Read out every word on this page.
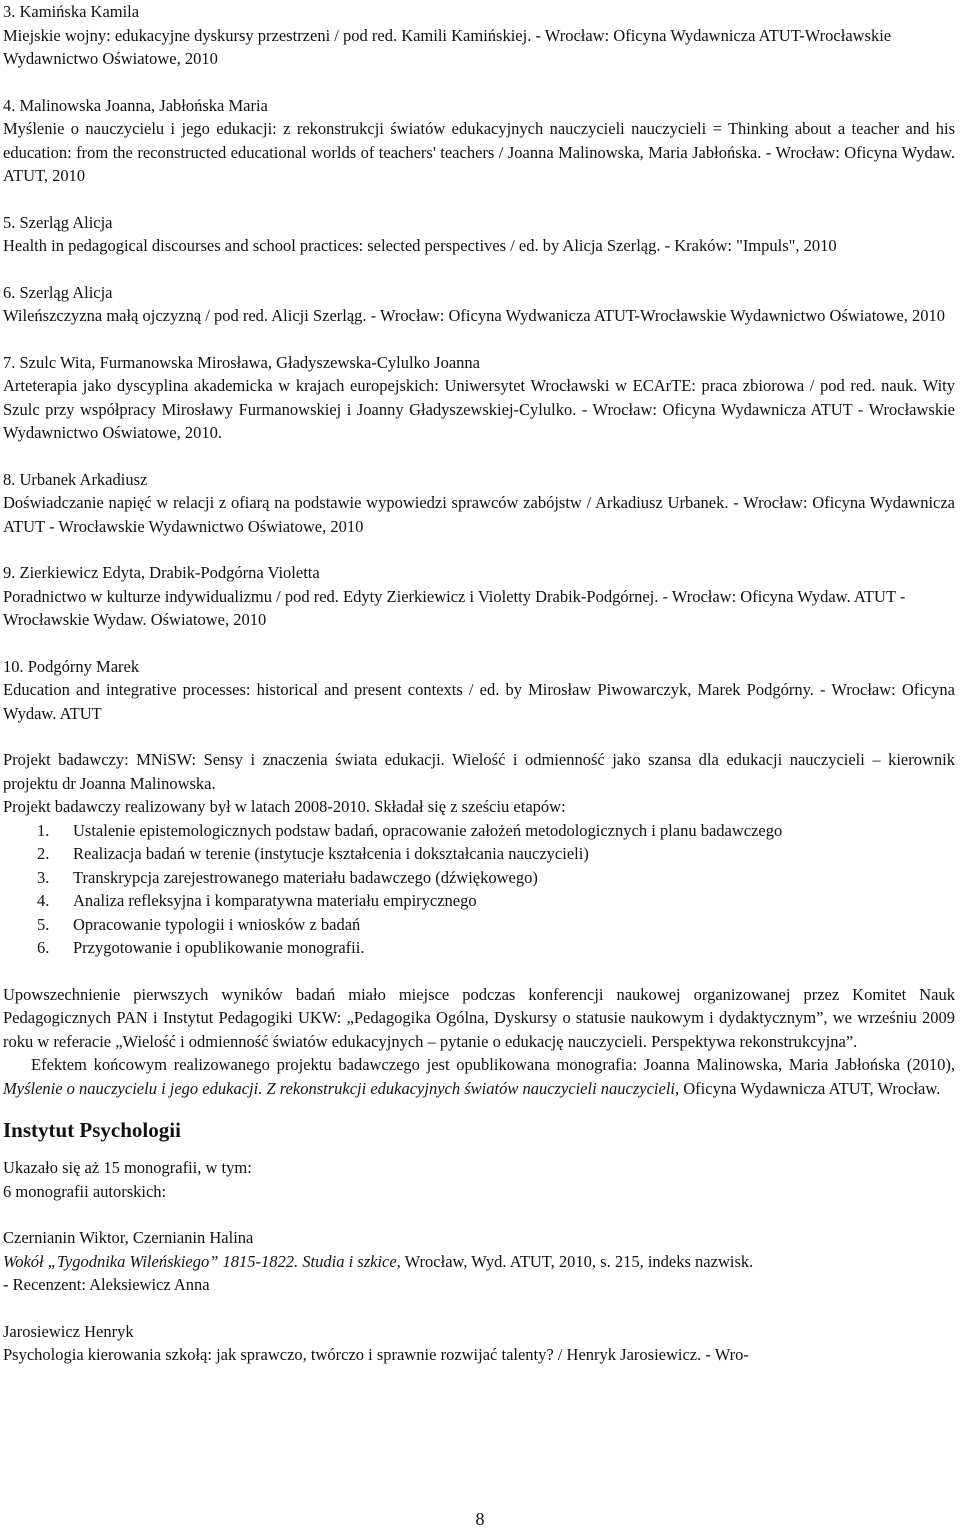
3. Kamińska Kamila

Miejskie wojny: edukacyjne dyskursy przestrzeni / pod red. Kamili Kamińskiej. - Wrocław: Oficyna Wydawnicza ATUT-Wrocławskie Wydawnictwo Oświatowe, 2010

4. Malinowska Joanna, Jabłońska Maria

Myślenie o nauczycielu i jego edukacji: z rekonstrukcji światów edukacyjnych nauczycieli nauczycieli = Thinking about a teacher and his education: from the reconstructed educational worlds of teachers' teachers / Joanna Malinowska, Maria Jabłońska. - Wrocław: Oficyna Wydaw. ATUT, 2010

5. Szerląg Alicja

Health in pedagogical discourses and school practices: selected perspectives / ed. by Alicja Szerląg. - Kraków: "Impuls", 2010

6. Szerląg Alicja

Wileńszczyzna małą ojczyzną / pod red. Alicji Szerląg. - Wrocław: Oficyna Wydwanicza ATUT-Wrocławskie Wydawnictwo Oświatowe, 2010

7. Szulc Wita, Furmanowska Mirosława, Gładyszewska-Cylulko Joanna

Arteterapia jako dyscyplina akademicka w krajach europejskich: Uniwersytet Wrocławski w ECArTE: praca zbiorowa / pod red. nauk. Wity Szulc przy współpracy Mirosławy Furmanowskiej i Joanny Gładyszewskiej-Cylulko. - Wrocław: Oficyna Wydawnicza ATUT - Wrocławskie Wydawnictwo Oświatowe, 2010.

8. Urbanek Arkadiusz

Doświadczanie napięć w relacji z ofiarą na podstawie wypowiedzi sprawców zabójstw / Arkadiusz Urbanek. - Wrocław: Oficyna Wydawnicza ATUT - Wrocławskie Wydawnictwo Oświatowe, 2010

9. Zierkiewicz Edyta, Drabik-Podgórna Violetta

Poradnictwo w kulturze indywidualizmu / pod red. Edyty Zierkiewicz i Violetty Drabik-Podgórnej. - Wrocław: Oficyna Wydaw. ATUT - Wrocławskie Wydaw. Oświatowe, 2010

10. Podgórny Marek

Education and integrative processes: historical and present contexts / ed. by Mirosław Piwowarczyk, Marek Podgórny. - Wrocław: Oficyna Wydaw. ATUT

Projekt badawczy: MNiSW: Sensy i znaczenia świata edukacji. Wielość i odmienność jako szansa dla edukacji nauczycieli – kierownik projektu dr Joanna Malinowska.

Projekt badawczy realizowany był w latach 2008-2010. Składał się z sześciu etapów:

1.	Ustalenie epistemologicznych podstaw badań, opracowanie założeń metodologicznych i planu badawczego
2.	Realizacja badań w terenie (instytucje kształcenia i dokształcania nauczycieli)
3.	Transkrypcja zarejestrowanego materiału badawczego (dźwiękowego)
4.	Analiza refleksyjna i komparatywna materiału empirycznego
5.	Opracowanie typologii i wniosków z badań
6.	Przygotowanie i opublikowanie monografii.

Upowszechnienie pierwszych wyników badań miało miejsce podczas konferencji naukowej organizowanej przez Komitet Nauk Pedagogicznych PAN i Instytut Pedagogiki UKW: „Pedagogika Ogólna, Dyskursy o statusie naukowym i dydaktycznym”, we wrześniu 2009 roku w referacie „Wielość i odmienność światów edukacyjnych – pytanie o edukację nauczycieli. Perspektywa rekonstrukcyjna”.

Efektem końcowym realizowanego projektu badawczego jest opublikowana monografia: Joanna Malinowska, Maria Jabłońska (2010), Myślenie o nauczycielu i jego edukacji. Z rekonstrukcji edukacyjnych światów nauczycieli nauczycieli, Oficyna Wydawnicza ATUT, Wrocław.

Instytut Psychologii

Ukazało się aż 15 monografii, w tym:

6 monografii autorskich:

Czernianin Wiktor, Czernianin Halina

Wokół „Tygodnika Wileńskiego” 1815-1822. Studia i szkice, Wrocław, Wyd. ATUT, 2010, s. 215, indeks nazwisk.

- Recenzent: Aleksiewicz Anna

Jarosiewicz Henryk

Psychologia kierowania szkołą: jak sprawczo, twórczo i sprawnie rozwijać talenty? / Henryk Jarosiewicz. - Wro-

8
